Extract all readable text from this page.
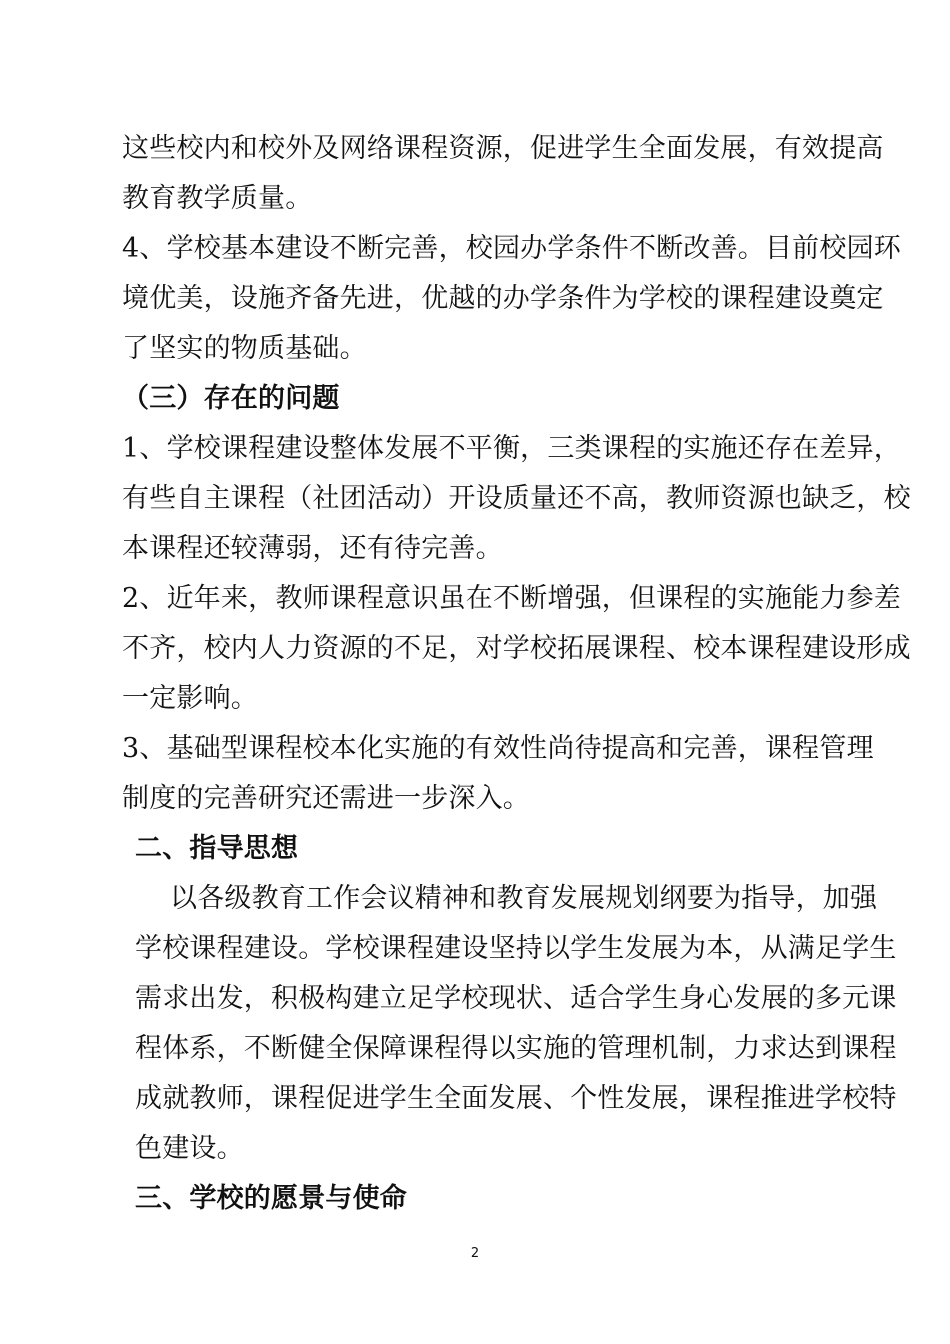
这些校内和校外及网络课程资源，促进学生全面发展，有效提高
教育教学质量。
4、学校基本建设不断完善，校园办学条件不断改善。目前校园环
境优美，设施齐备先进，优越的办学条件为学校的课程建设奠定
了坚实的物质基础。
（三）存在的问题
1、学校课程建设整体发展不平衡，三类课程的实施还存在差异，
有些自主课程（社团活动）开设质量还不高，教师资源也缺乏，校
本课程还较薄弱，还有待完善。
2、近年来，教师课程意识虽在不断增强，但课程的实施能力参差
不齐，校内人力资源的不足，对学校拓展课程、校本课程建设形成
一定影响。
3、基础型课程校本化实施的有效性尚待提高和完善，课程管理
制度的完善研究还需进一步深入。
二、指导思想
以各级教育工作会议精神和教育发展规划纲要为指导，加强
学校课程建设。学校课程建设坚持以学生发展为本，从满足学生
需求出发，积极构建立足学校现状、适合学生身心发展的多元课
程体系，不断健全保障课程得以实施的管理机制，力求达到课程
成就教师，课程促进学生全面发展、个性发展，课程推进学校特
色建设。
三、学校的愿景与使命
2
